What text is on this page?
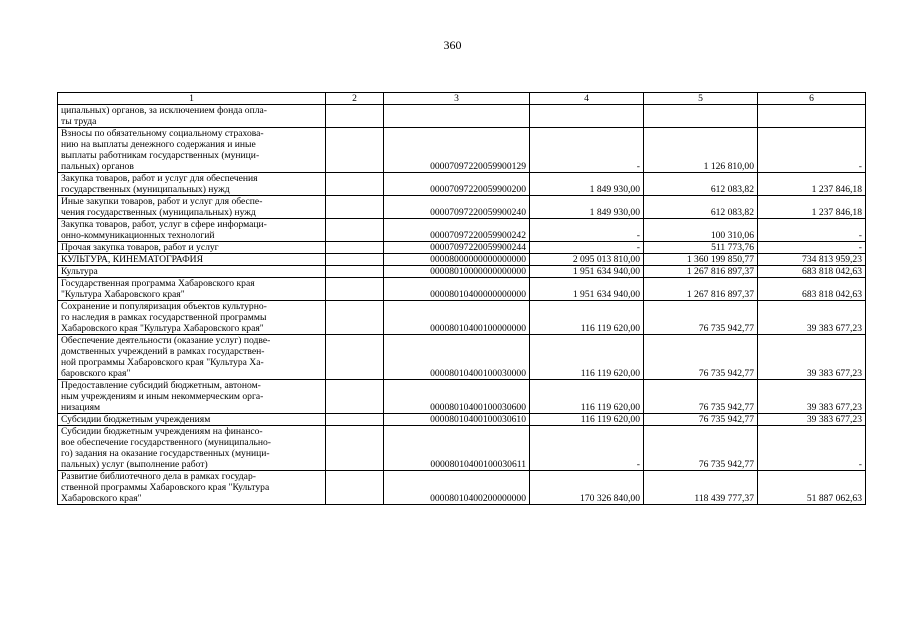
360
1	2	3	4	5	6
ципальных) органов, за исключением фонда опла-
ты труда					
Взносы по обязательному социальному страхова-
нию на выплаты денежного содержания и иные
выплаты работникам государственных (муници-
пальных) органов		00007097220059900129	-	1 126 810,00	-
Закупка товаров, работ и услуг для обеспечения
государственных (муниципальных) нужд		00007097220059900200	1 849 930,00	612 083,82	1 237 846,18
Иные закупки товаров, работ и услуг для обеспе-
чения государственных (муниципальных) нужд		00007097220059900240	1 849 930,00	612 083,82	1 237 846,18
Закупка товаров, работ, услуг в сфере информаци-
онно-коммуникационных технологий		00007097220059900242	-	100 310,06	-
Прочая закупка товаров, работ и услуг		00007097220059900244	-	511 773,76	-
КУЛЬТУРА, КИНЕМАТОГРАФИЯ		00008000000000000000	2 095 013 810,00	1 360 199 850,77	734 813 959,23
Культура		00008010000000000000	1 951 634 940,00	1 267 816 897,37	683 818 042,63
Государственная программа Хабаровского края
"Культура Хабаровского края"		00008010400000000000	1 951 634 940,00	1 267 816 897,37	683 818 042,63
Сохранение и популяризация объектов культурно-
го наследия в рамках государственной программы
Хабаровского края "Культура Хабаровского края"		00008010400100000000	116 119 620,00	76 735 942,77	39 383 677,23
Обеспечение деятельности (оказание услуг) подве-
домственных учреждений в рамках государствен-
ной программы Хабаровского края "Культура Ха-
баровского края"		00008010400100030000	116 119 620,00	76 735 942,77	39 383 677,23
Предоставление субсидий бюджетным, автоном-
ным учреждениям и иным некоммерческим орга-
низациям		00008010400100030600	116 119 620,00	76 735 942,77	39 383 677,23
Субсидии бюджетным учреждениям		00008010400100030610	116 119 620,00	76 735 942,77	39 383 677,23
Субсидии бюджетным учреждениям на финансо-
вое обеспечение государственного (муниципально-
го) задания на оказание государственных (муници-
пальных) услуг (выполнение работ)		00008010400100030611	-	76 735 942,77	-
Развитие библиотечного дела в рамках государ-
ственной программы Хабаровского края "Культура
Хабаровского края"		00008010400200000000	170 326 840,00	118 439 777,37	51 887 062,63
